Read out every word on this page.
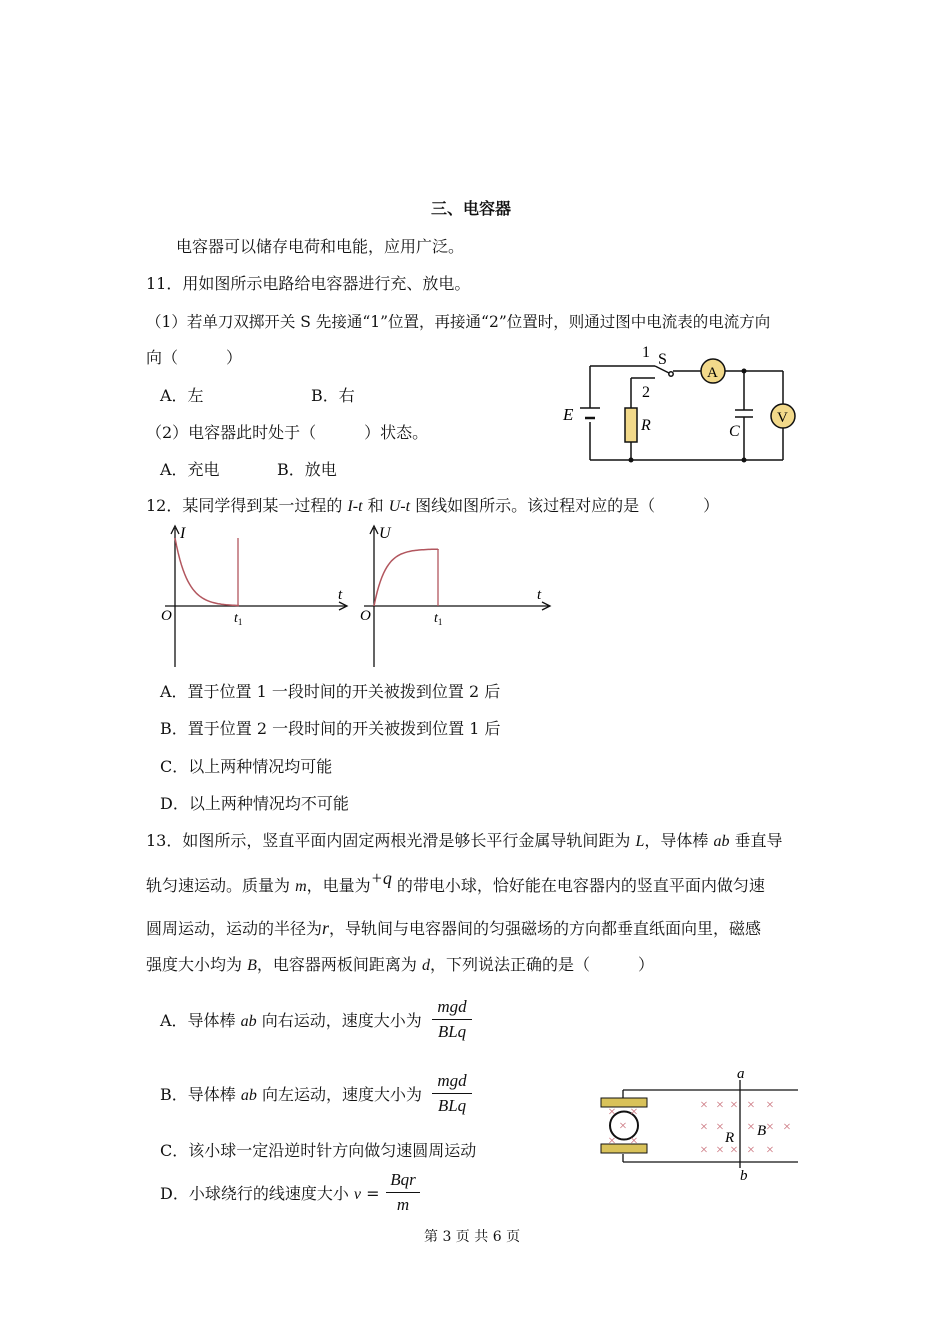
三、电容器
电容器可以储存电荷和电能，应用广泛。
11．用如图所示电路给电容器进行充、放电。
（1）若单刀双掷开关 S 先接通“1”位置，再接通“2”位置时，则通过图中电流表的电流方向
向（　　　）
A．左	B．右
（2）电容器此时处于（　　　）状态。
A．充电	B．放电
E
R	C
S
1
2
A
V
12．某同学得到某一过程的 I-t 和 U-t 图线如图所示。该过程对应的是（　　　）
I
t
O	$t_1$
U
t
O	$t_1$
A．置于位置 1 一段时间的开关被拨到位置 2 后
B．置于位置 2 一段时间的开关被拨到位置 1 后
C．以上两种情况均可能
D．以上两种情况均不可能
13．如图所示，竖直平面内固定两根光滑是够长平行金属导轨间距为 L，导体棒 ab 垂直导
轨匀速运动。质量为 m，电量为+q 的带电小球，恰好能在电容器内的竖直平面内做匀速
圆周运动，运动的半径为r，导轨间与电容器间的匀强磁场的方向都垂直纸面向里，磁感
强度大小均为 B，电容器两板间距离为 d，下列说法正确的是（　　　）
A．导体棒 ab 向右运动，速度大小为
mgd
BLq
B．导体棒 ab 向左运动，速度大小为
mgd
BLq
C．该小球一定沿逆时针方向做匀速圆周运动
D．小球绕行的线速度大小 v =
Bqr
m
× ×
× ×
×
×
×
×
×
×
×
×
×
×
×
×
×
×
×
×
a
b
R B
第 3 页 共 6 页
